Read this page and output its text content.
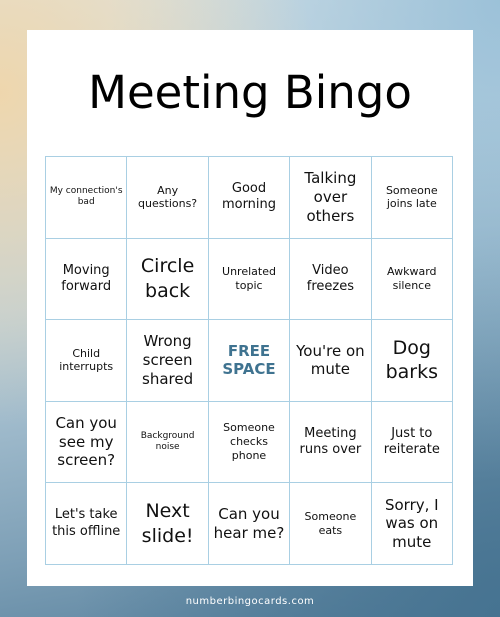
Meeting Bingo
My connection's bad
Any questions?
Good morning
Talking over others
Someone joins late
Moving forward
Circle back
Unrelated topic
Video freezes
Awkward silence
Child interrupts
Wrong screen shared
FREE SPACE
You're on mute
Dog barks
Can you see my screen?
Background noise
Someone checks phone
Meeting runs over
Just to reiterate
Let's take this offline
Next slide!
Can you hear me?
Someone eats
Sorry, I was on mute
numberbingocards.com
